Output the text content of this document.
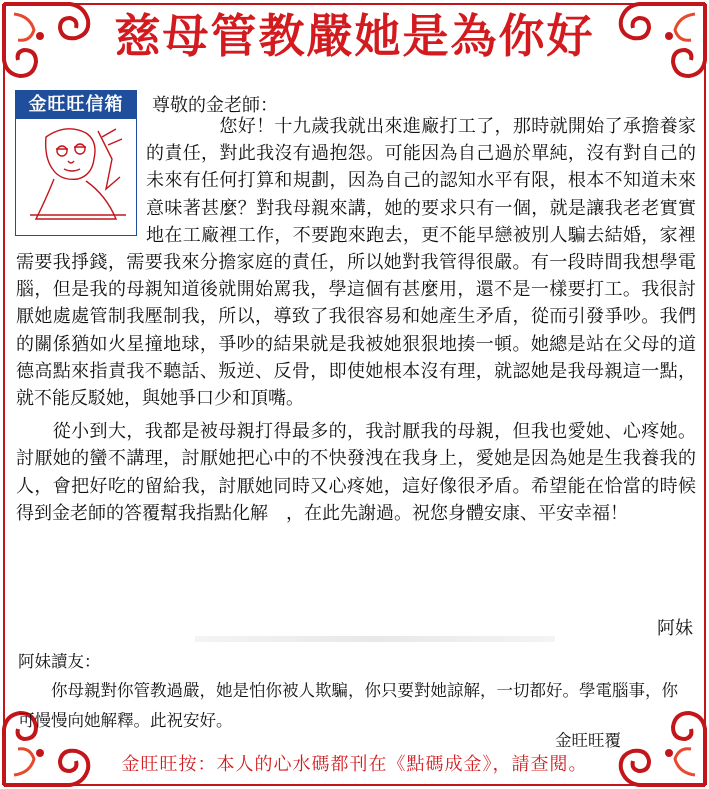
慈母管教嚴她是為你好
金旺旺信箱	尊敬的金老師：

　　　　您好！十九歲我就出來進廠打工了，那時就開始了承擔養家的責任，對此我沒有過抱怨。可能因為自己過於單純，沒有對自己的未來有任何打算和規劃，因為自己的認知水平有限，根本不知道未來意味著甚麼？對我母親來講，她的要求只有一個，就是讓我老老實實地在工廠裡工作，不要跑來跑去，更不能早戀被別人騙去結婚，家裡需要我掙錢，需要我來分擔家庭的責任，所以她對我管得很嚴。有一段時間我想學電腦，但是我的母親知道後就開始罵我，學這個有甚麼用，還不是一樣要打工。我很討厭她處處管制我壓制我，所以，導致了我很容易和她產生矛盾，從而引發爭吵。我們的關係猶如火星撞地球，爭吵的結果就是我被她狠狠地揍一頓。她總是站在父母的道德高點來指責我不聽話、叛逆、反骨，即使她根本沒有理，就認她是我母親這一點，就不能反駁她，與她爭口少和頂嘴。

　　從小到大，我都是被母親打得最多的，我討厭我的母親，但我也愛她、心疼她。討厭她的蠻不講理，討厭她把心中的不快發洩在我身上，愛她是因為她是生我養我的人，會把好吃的留給我，討厭她同時又心疼她，這好像很矛盾。希望能在恰當的時候得到金老師的答覆幫我指點化解　，在此先謝過。祝您身體安康、平安幸福！

阿妹
阿妹讀友：
　　你母親對你管教過嚴，她是怕你被人欺騙，你只要對她諒解，一切都好。學電腦事，你可慢慢向她解釋。此祝安好。
金旺旺覆
金旺旺按：本人的心水碼都刊在《點碼成金》，請查閱。
